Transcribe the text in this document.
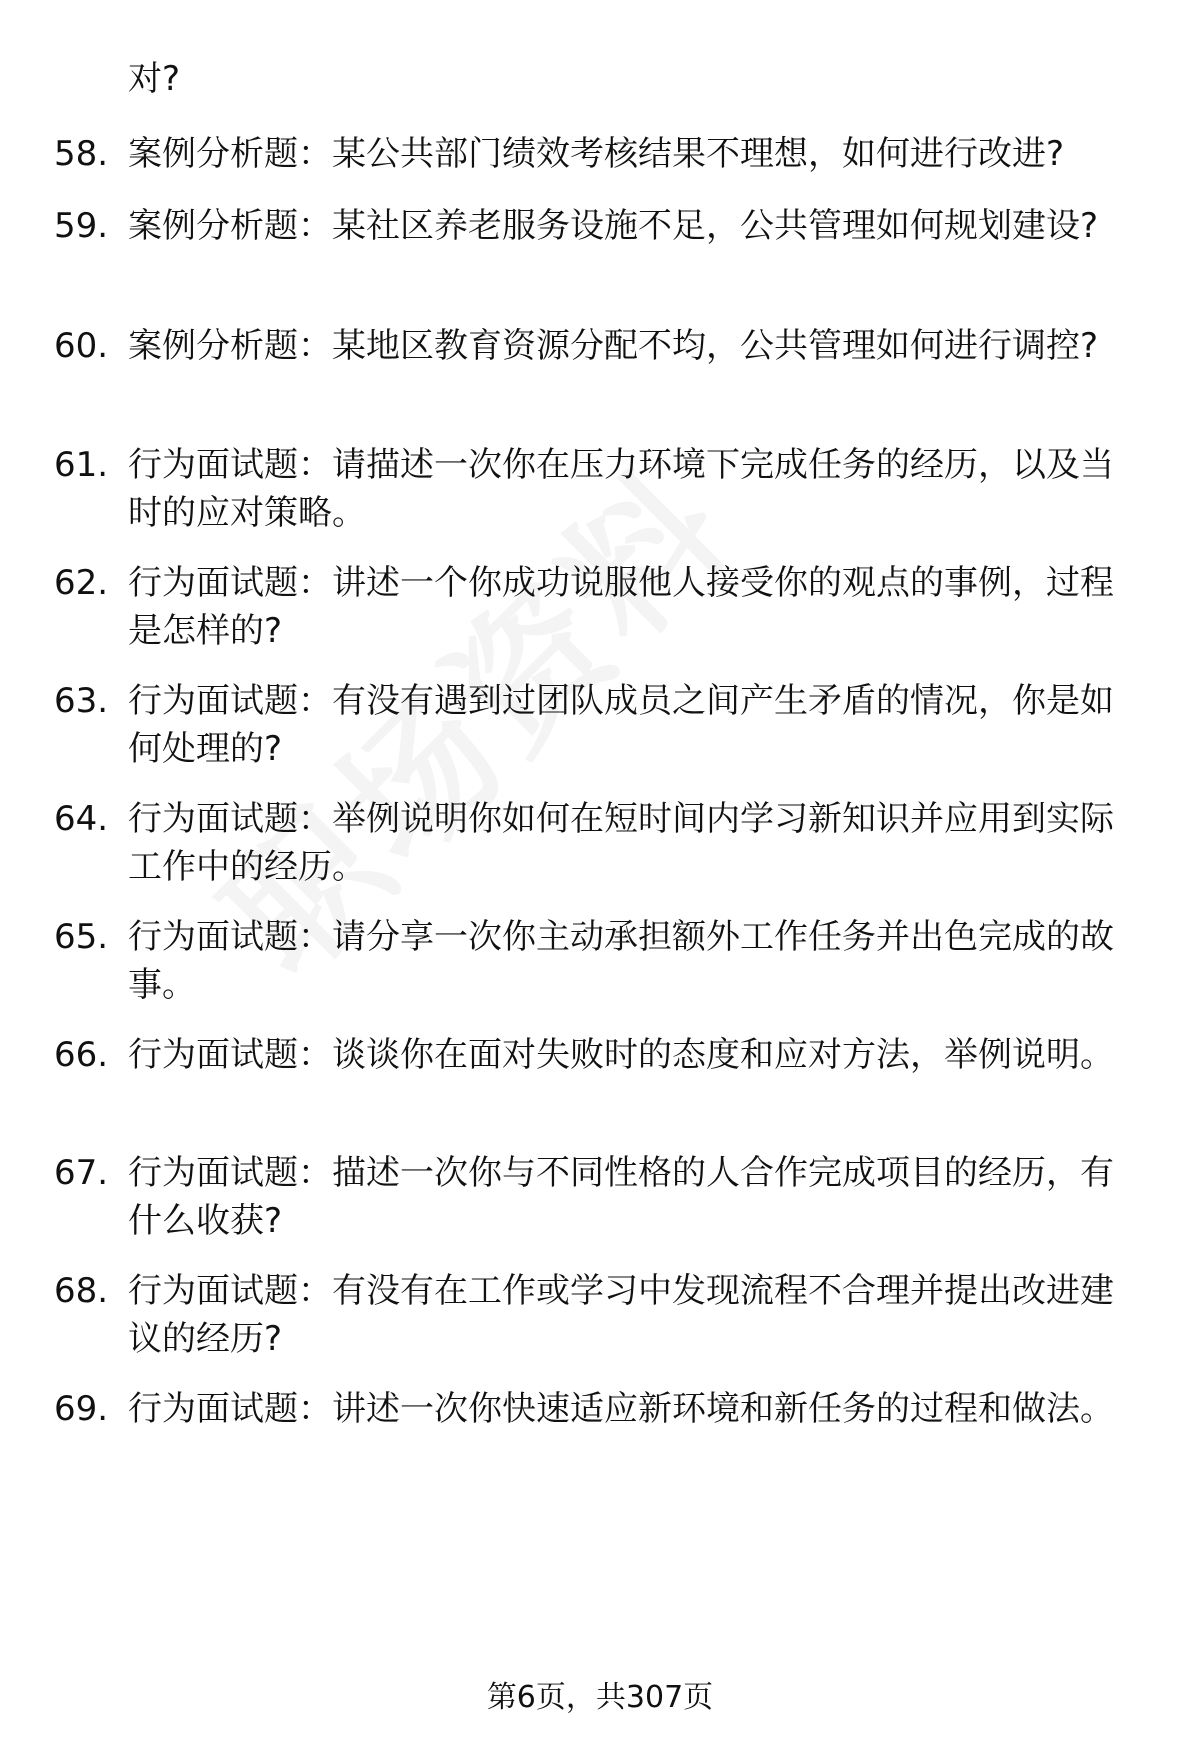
对?
58. 案例分析题：某公共部门绩效考核结果不理想，如何进行改进?
59. 案例分析题：某社区养老服务设施不足，公共管理如何规划建设?
60. 案例分析题：某地区教育资源分配不均，公共管理如何进行调控?
61. 行为面试题：请描述一次你在压力环境下完成任务的经历，以及当时的应对策略。
62. 行为面试题：讲述一个你成功说服他人接受你的观点的事例，过程是怎样的?
63. 行为面试题：有没有遇到过团队成员之间产生矛盾的情况，你是如何处理的?
64. 行为面试题：举例说明你如何在短时间内学习新知识并应用到实际工作中的经历。
65. 行为面试题：请分享一次你主动承担额外工作任务并出色完成的故事。
66. 行为面试题：谈谈你在面对失败时的态度和应对方法，举例说明。
67. 行为面试题：描述一次你与不同性格的人合作完成项目的经历，有什么收获?
68. 行为面试题：有没有在工作或学习中发现流程不合理并提出改进建议的经历?
69. 行为面试题：讲述一次你快速适应新环境和新任务的过程和做法。
第6页，共307页
